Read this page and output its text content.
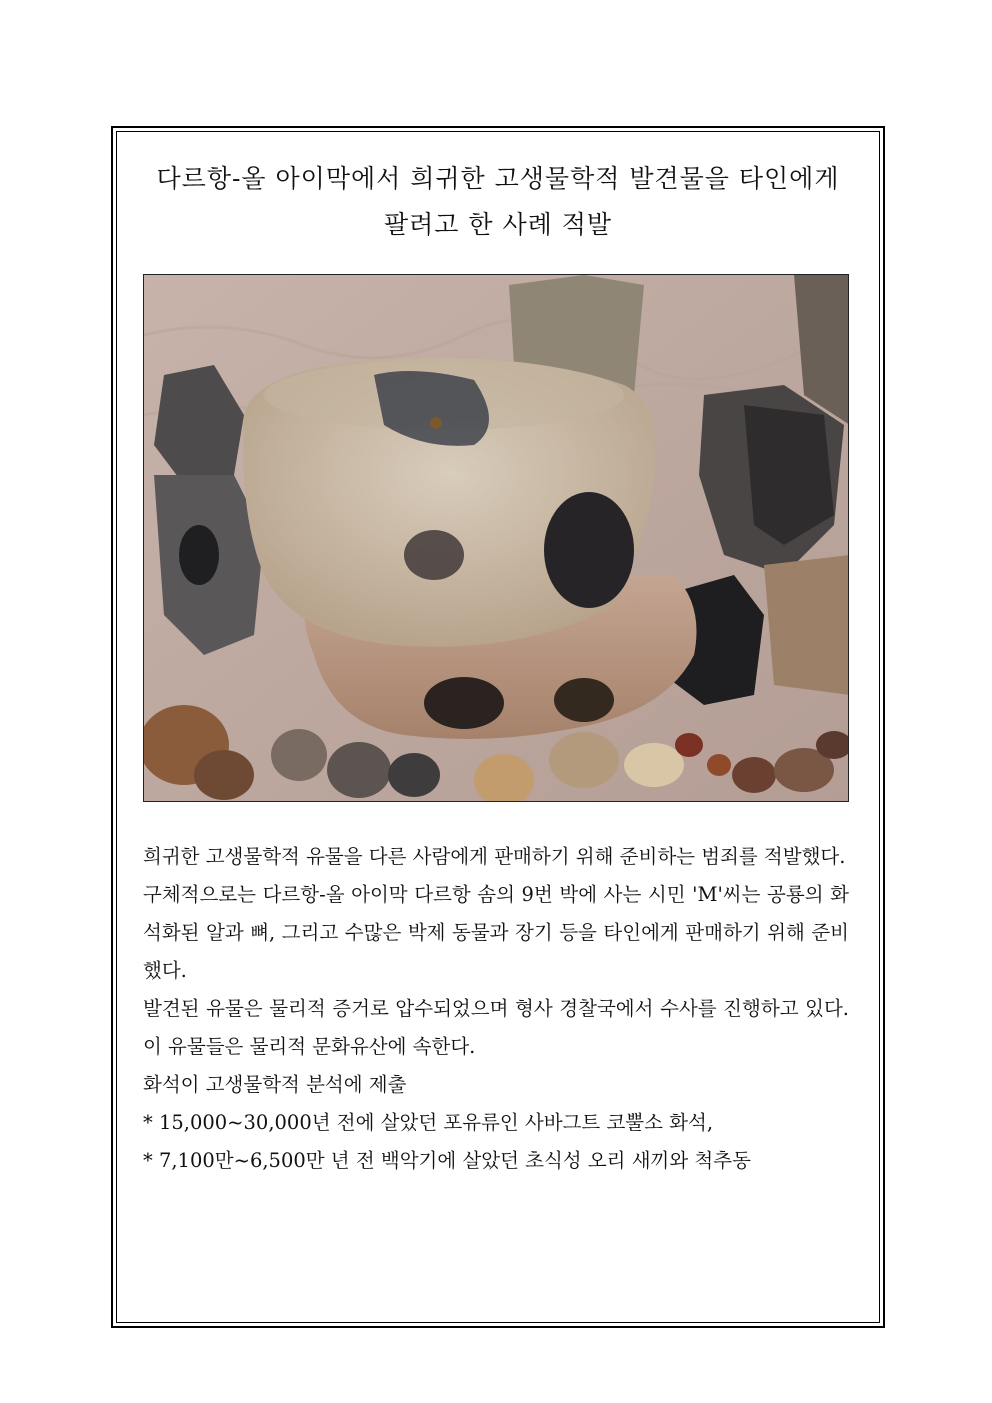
다르항-올 아이막에서 희귀한 고생물학적 발견물을 타인에게
팔려고 한 사례 적발

희귀한 고생물학적 유물을 다른 사람에게 판매하기 위해 준비하는 범죄를 적발했다.

구체적으로는 다르항-올 아이막 다르항 솜의 9번 박에 사는 시민 'M'씨는 공룡의 화석화된 알과 뼈, 그리고 수많은 박제 동물과 장기 등을 타인에게 판매하기 위해 준비했다.

발견된 유물은 물리적 증거로 압수되었으며 형사 경찰국에서 수사를 진행하고 있다. 이 유물들은 물리적 문화유산에 속한다.

화석이 고생물학적 분석에 제출

* 15,000~30,000년 전에 살았던 포유류인 사바그트 코뿔소 화석,

* 7,100만~6,500만 년 전 백악기에 살았던 초식성 오리 새끼와 척추동
